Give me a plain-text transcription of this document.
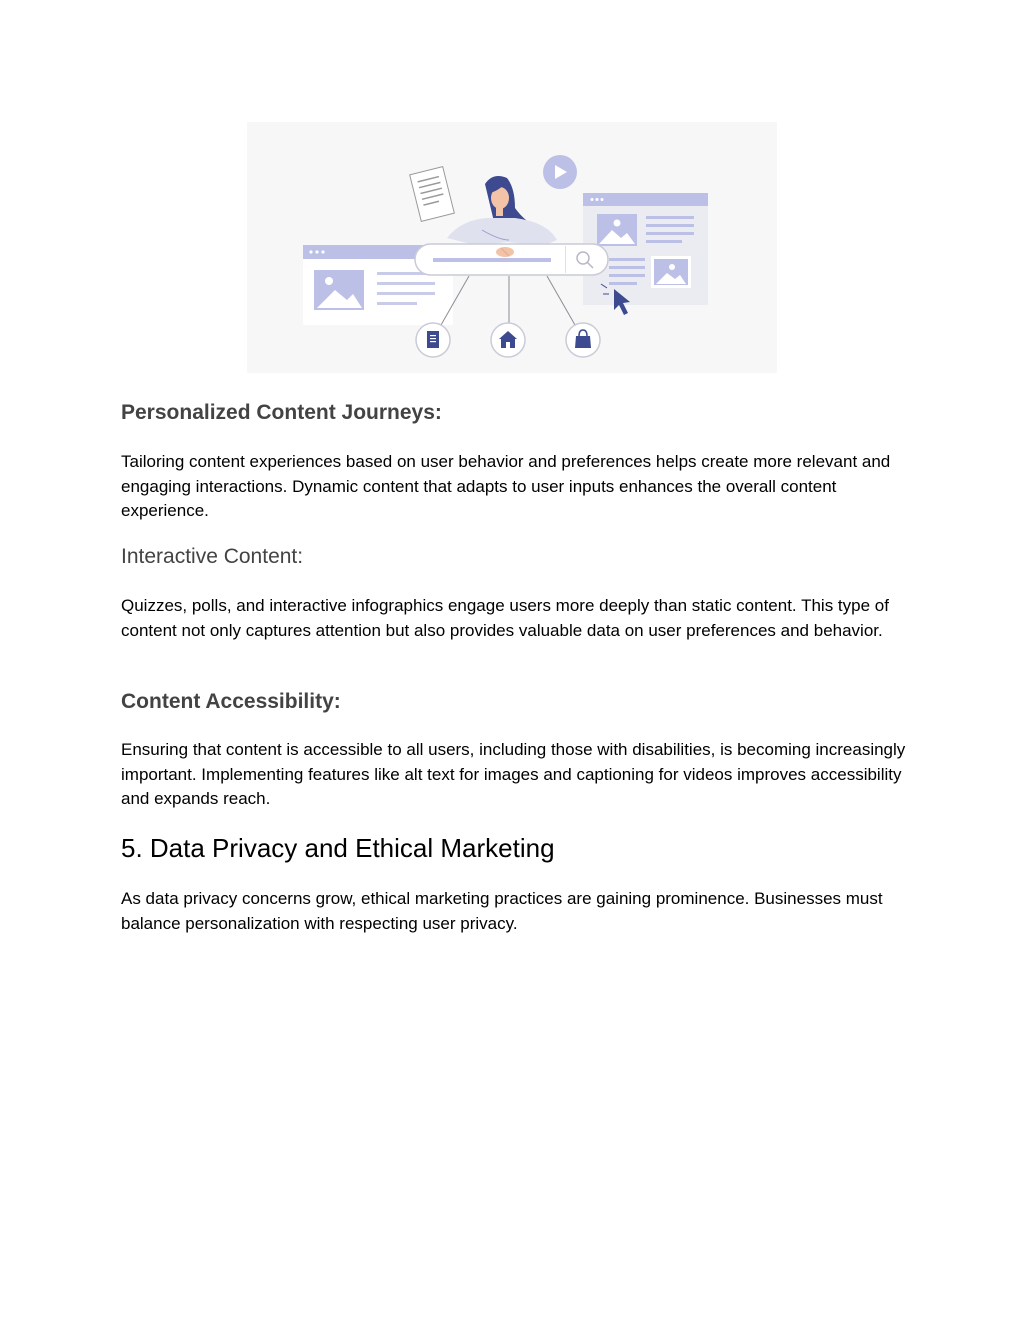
Personalized Content Journeys:

Tailoring content experiences based on user behavior and preferences helps create more relevant and engaging interactions. Dynamic content that adapts to user inputs enhances the overall content experience.

Interactive Content:

Quizzes, polls, and interactive infographics engage users more deeply than static content. This type of content not only captures attention but also provides valuable data on user preferences and behavior.

Content Accessibility:

Ensuring that content is accessible to all users, including those with disabilities, is becoming increasingly important. Implementing features like alt text for images and captioning for videos improves accessibility and expands reach.

5. Data Privacy and Ethical Marketing

As data privacy concerns grow, ethical marketing practices are gaining prominence. Businesses must balance personalization with respecting user privacy.
